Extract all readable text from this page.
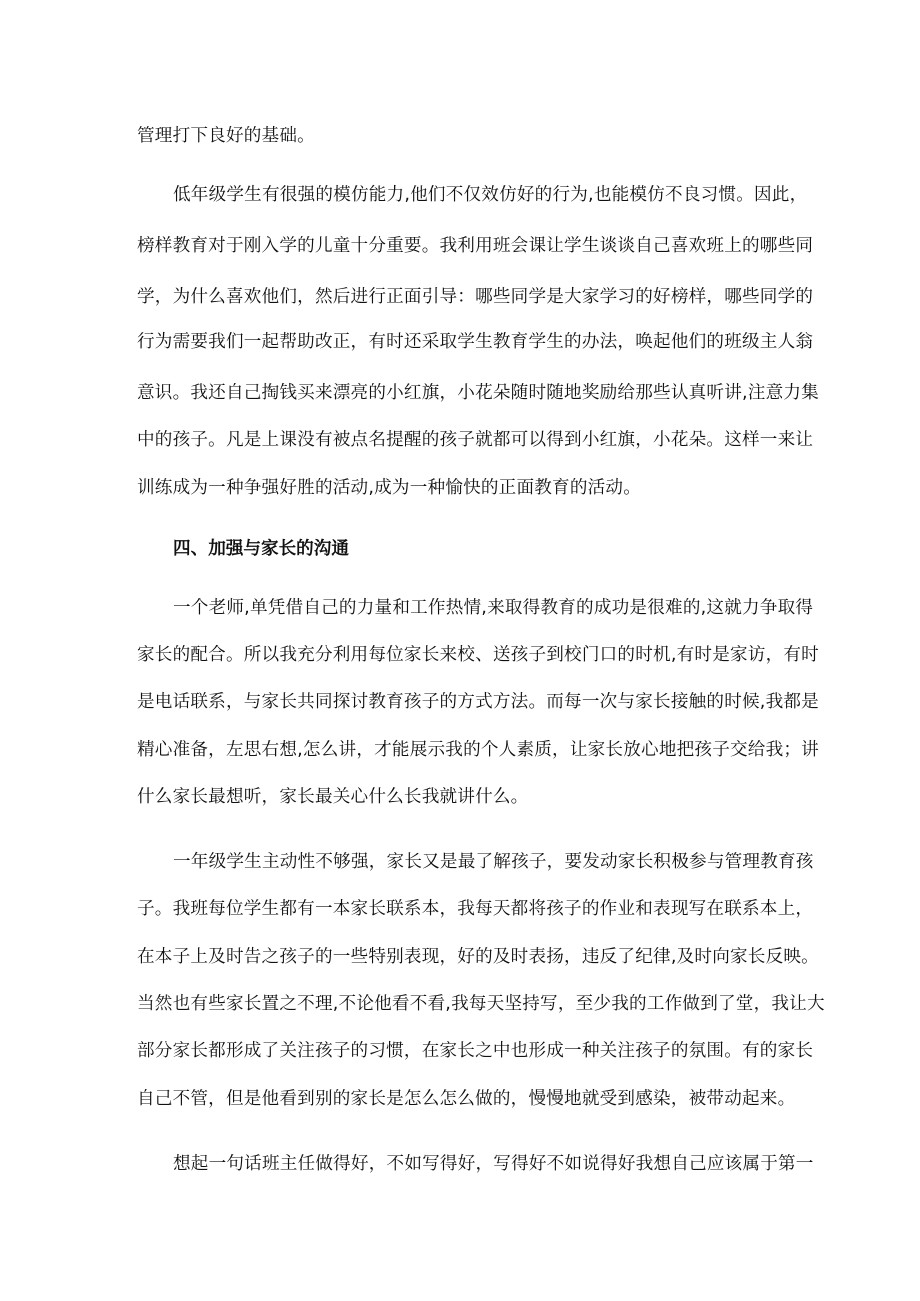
管理打下良好的基础。
低年级学生有很强的模仿能力,他们不仅效仿好的行为,也能模仿不良习惯。因此，
榜样教育对于刚入学的儿童十分重要。我利用班会课让学生谈谈自己喜欢班上的哪些同
学，为什么喜欢他们，然后进行正面引导：哪些同学是大家学习的好榜样，哪些同学的
行为需要我们一起帮助改正，有时还采取学生教育学生的办法，唤起他们的班级主人翁
意识。我还自己掏钱买来漂亮的小红旗，小花朵随时随地奖励给那些认真听讲,注意力集
中的孩子。凡是上课没有被点名提醒的孩子就都可以得到小红旗，小花朵。这样一来让
训练成为一种争强好胜的活动,成为一种愉快的正面教育的活动。
四、加强与家长的沟通
一个老师,单凭借自己的力量和工作热情,来取得教育的成功是很难的,这就力争取得
家长的配合。所以我充分利用每位家长来校、送孩子到校门口的时机,有时是家访，有时
是电话联系，与家长共同探讨教育孩子的方式方法。而每一次与家长接触的时候,我都是
精心准备，左思右想,怎么讲，才能展示我的个人素质，让家长放心地把孩子交给我；讲
什么家长最想听，家长最关心什么长我就讲什么。
一年级学生主动性不够强，家长又是最了解孩子，要发动家长积极参与管理教育孩
子。我班每位学生都有一本家长联系本，我每天都将孩子的作业和表现写在联系本上，
在本子上及时告之孩子的一些特别表现，好的及时表扬，违反了纪律,及时向家长反映。
当然也有些家长置之不理,不论他看不看,我每天坚持写，至少我的工作做到了堂，我让大
部分家长都形成了关注孩子的习惯，在家长之中也形成一种关注孩子的氛围。有的家长
自己不管，但是他看到别的家长是怎么怎么做的，慢慢地就受到感染，被带动起来。
想起一句话班主任做得好，不如写得好，写得好不如说得好我想自己应该属于第一
